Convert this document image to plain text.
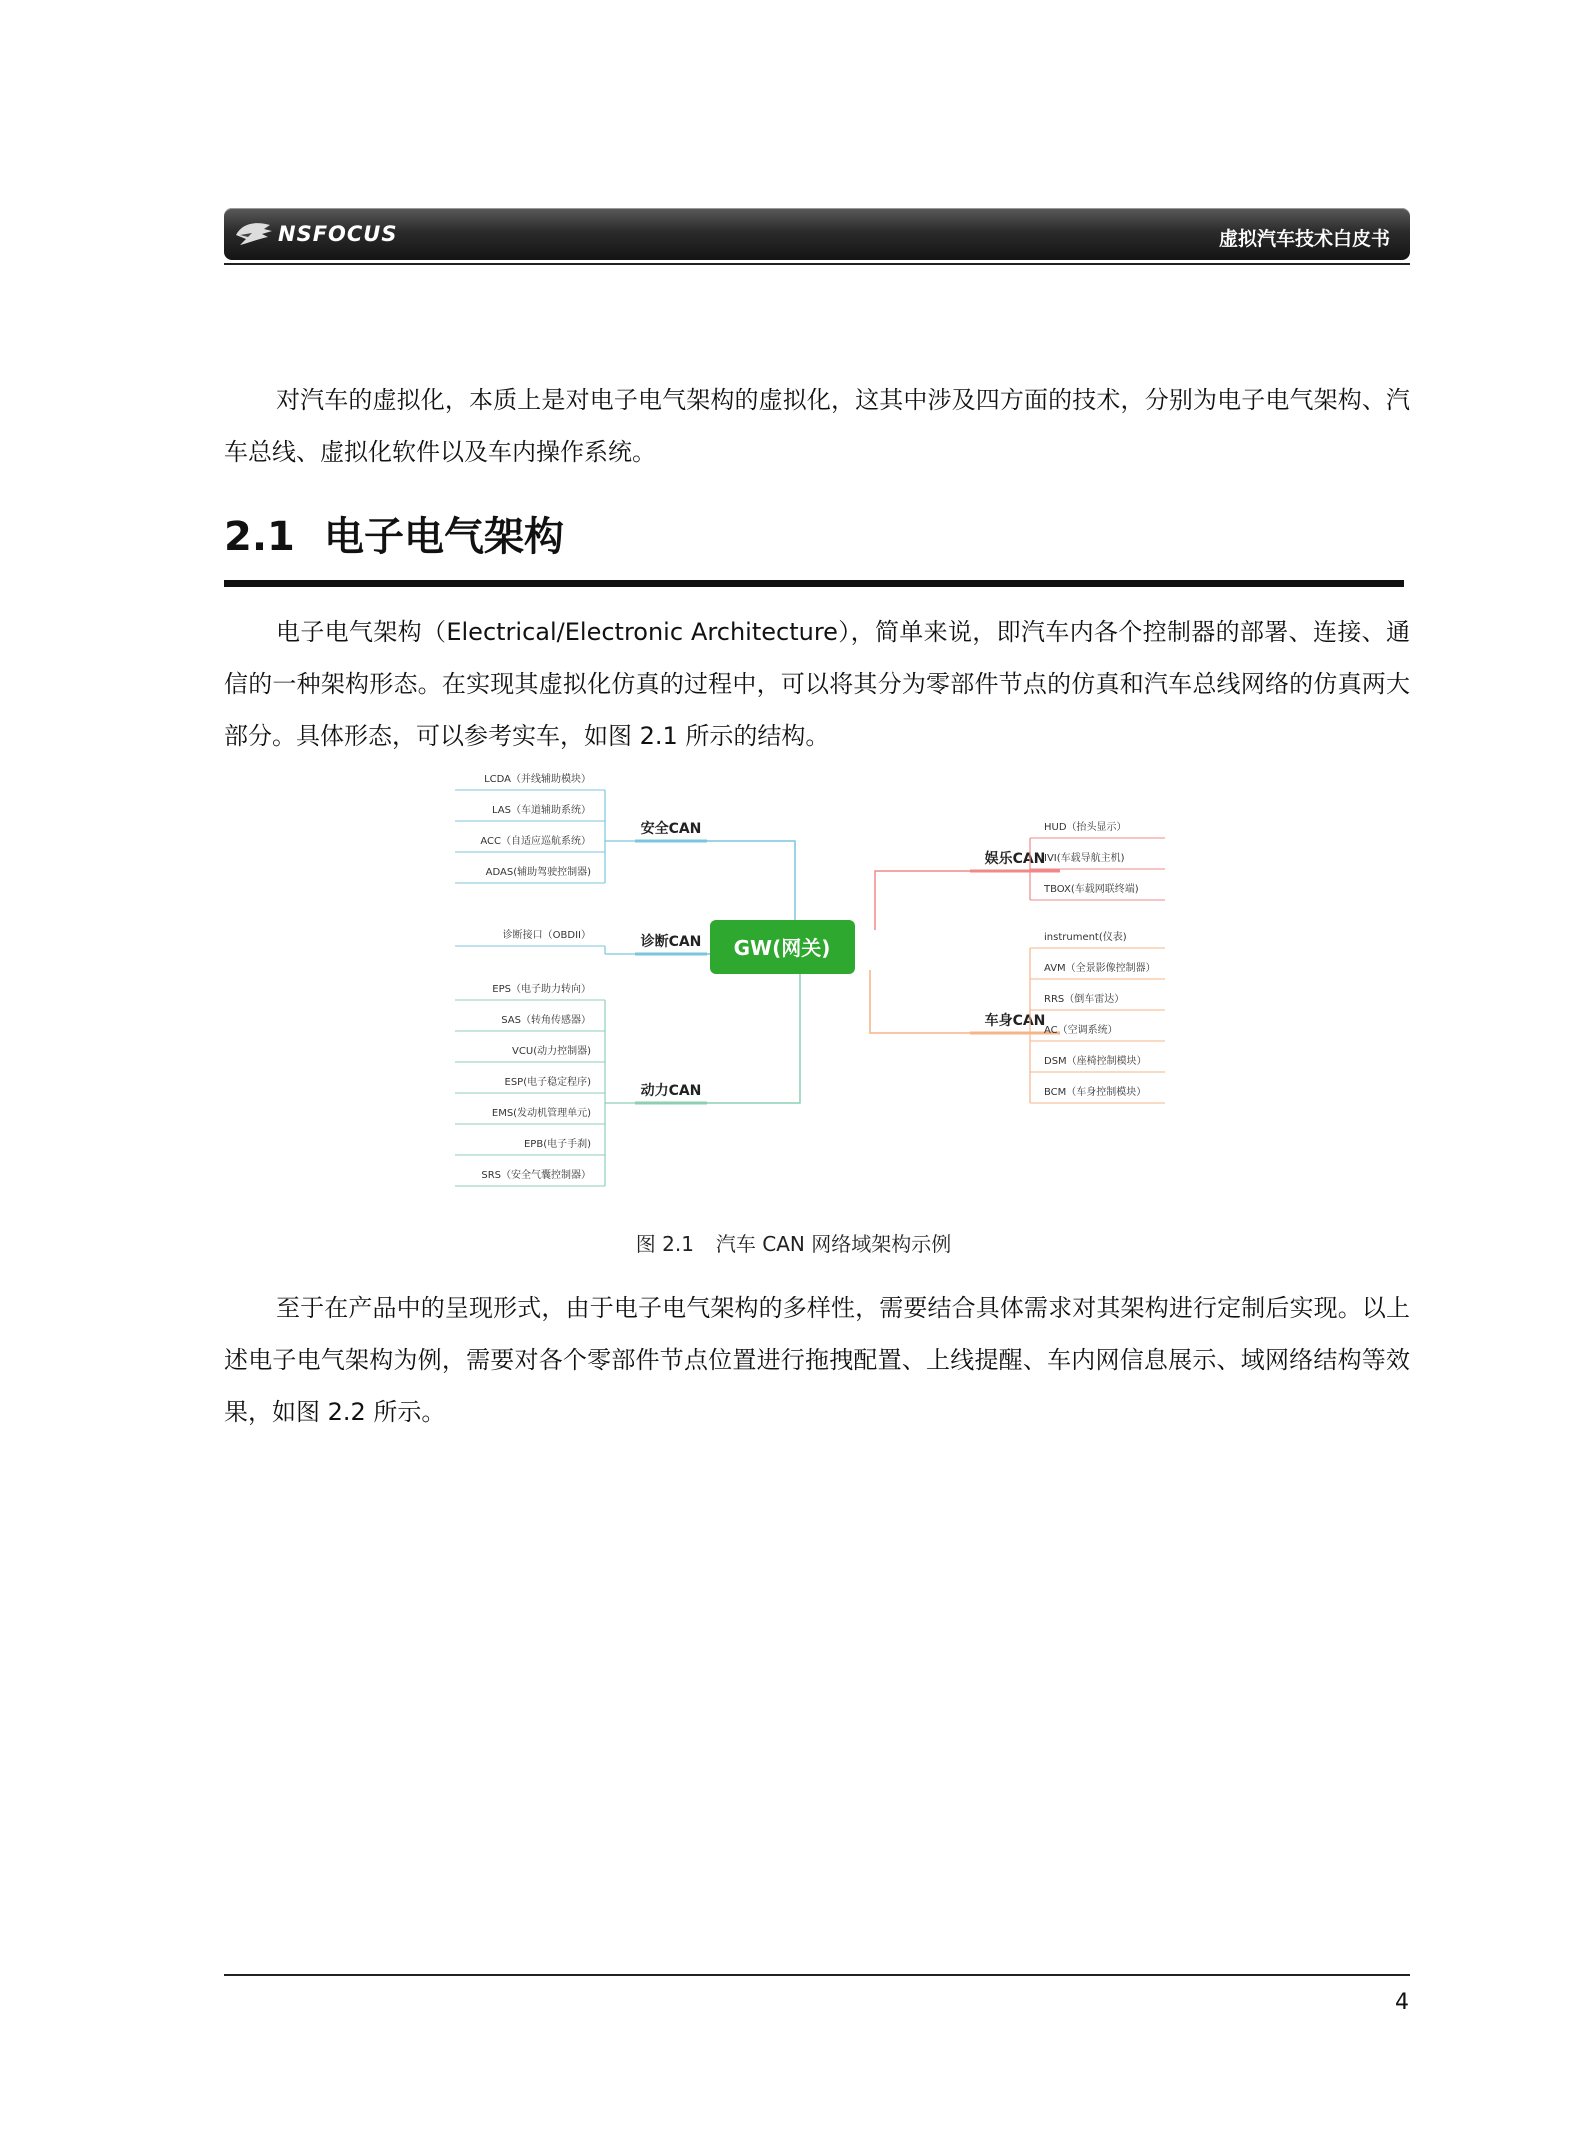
NSFOCUS	虚拟汽车技术白皮书

对汽车的虚拟化，本质上是对电子电气架构的虚拟化，这其中涉及四方面的技术，分别为电子电气架构、汽车总线、虚拟化软件以及车内操作系统。

2.1 电子电气架构

电子电气架构（Electrical/Electronic Architecture），简单来说，即汽车内各个控制器的部署、连接、通信的一种架构形态。在实现其虚拟化仿真的过程中，可以将其分为零部件节点的仿真和汽车总线网络的仿真两大部分。具体形态，可以参考实车，如图 2.1 所示的结构。

安全CAN
LCDA（并线辅助模块）
LAS（车道辅助系统）
ACC（自适应巡航系统）
ADAS(辅助驾驶控制器)
诊断CAN
诊断接口（OBDII）
动力CAN
EPS（电子助力转向）
SAS（转角传感器）
VCU(动力控制器)
ESP(电子稳定程序)
EMS(发动机管理单元)
EPB(电子手刹)
SRS（安全气囊控制器）
娱乐CAN
HUD（抬头显示）
IVI(车载导航主机)
TBOX(车载网联终端)
车身CAN
instrument(仪表)
AVM（全景影像控制器）
RRS（倒车雷达）
AC（空调系统）
DSM（座椅控制模块）
BCM（车身控制模块）
GW(网关)
图 2.1 汽车 CAN 网络域架构示例

至于在产品中的呈现形式，由于电子电气架构的多样性，需要结合具体需求对其架构进行定制后实现。以上述电子电气架构为例，需要对各个零部件节点位置进行拖拽配置、上线提醒、车内网信息展示、域网络结构等效果，如图 2.2 所示。

4
